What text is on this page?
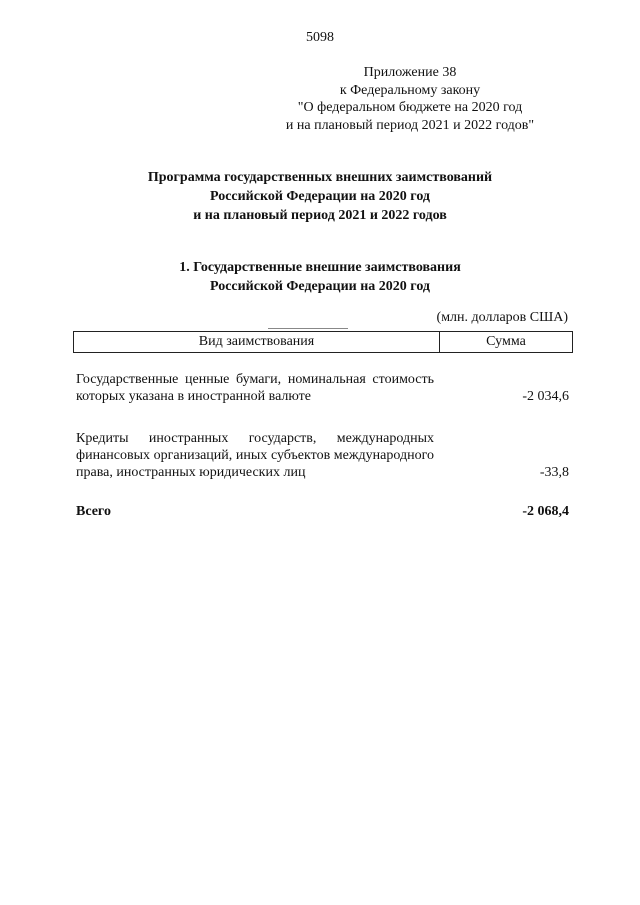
5098
Приложение 38
к Федеральному закону
"О федеральном бюджете на 2020 год
и на плановый период 2021 и 2022 годов"
Программа государственных внешних заимствований
Российской Федерации на 2020 год
и на плановый период 2021 и 2022 годов
1. Государственные внешние заимствования
Российской Федерации на 2020 год
(млн. долларов США)
Вид заимствования	Сумма
Государственные ценные бумаги, номинальная стоимость которых указана в иностранной валюте	-2 034,6
Кредиты иностранных государств, международных финансовых организаций, иных субъектов международного права, иностранных юридических лиц	-33,8
Всего	-2 068,4
